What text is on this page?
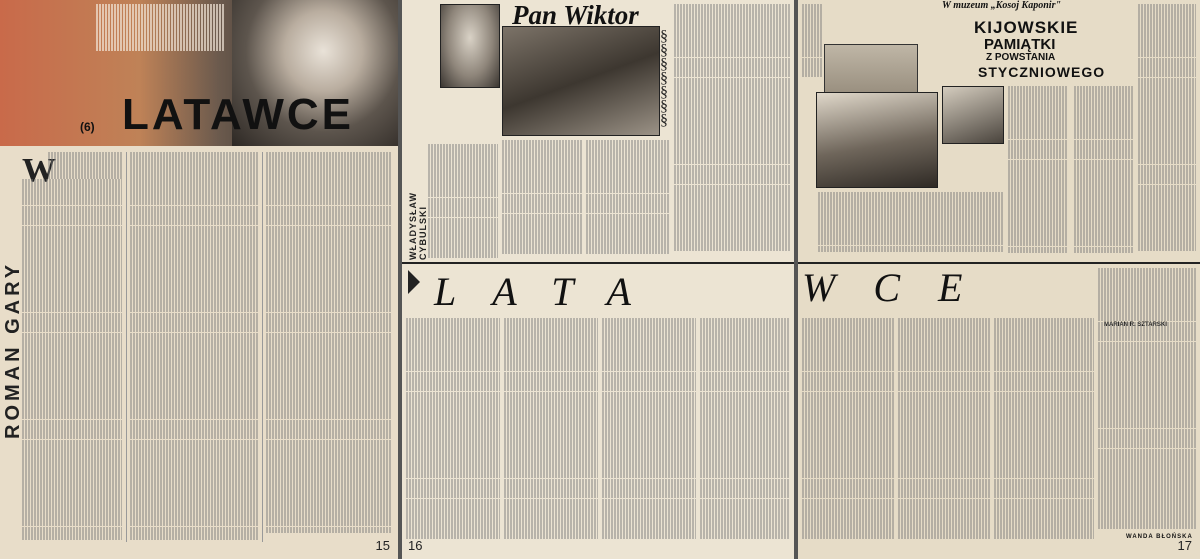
(6) LATAWCE
ROMAN GARY
W
15
Pan Wiktor
§
§
§
§
§
§
§
WŁADYSŁAW CYBULSKI
LATA
16
W muzeum „Kosoj Kaponir"
KIJOWSKIE
PAMIĄTKI
Z POWSTANIA
STYCZNIOWEGO
MARIAN R. SZTARSKI
WCE
WANDA BŁOŃSKA
17
